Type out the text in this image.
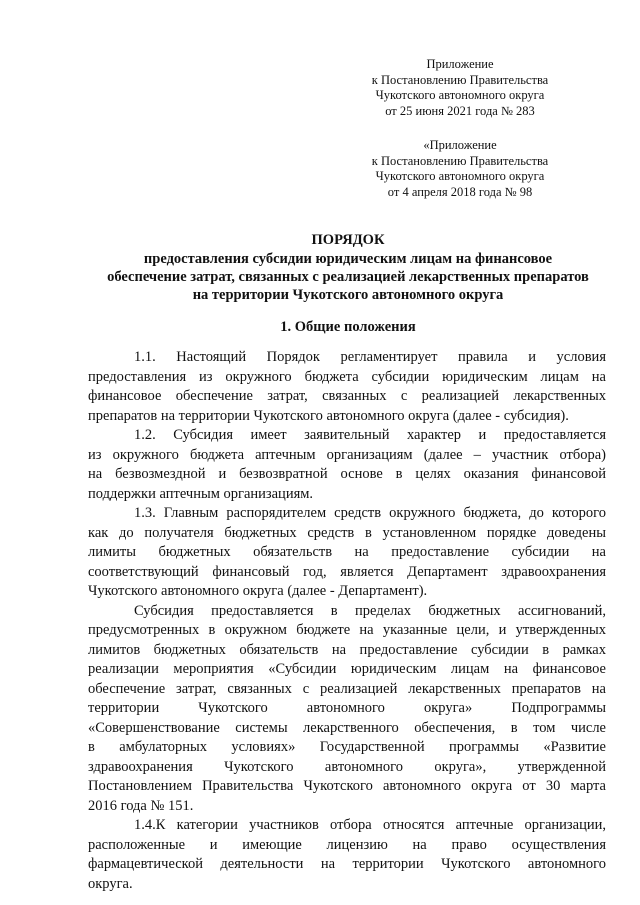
Приложение
к Постановлению Правительства
Чукотского автономного округа
от 25 июня 2021 года № 283
«Приложение
к Постановлению Правительства
Чукотского автономного округа
от 4 апреля 2018 года № 98
ПОРЯДОК
предоставления субсидии юридическим лицам на финансовое
обеспечение затрат, связанных с реализацией лекарственных препаратов
на территории Чукотского автономного округа
1. Общие положения
1.1. Настоящий Порядок регламентирует правила и условия
предоставления из окружного бюджета субсидии юридическим лицам на
финансовое обеспечение затрат, связанных с реализацией лекарственных
препаратов на территории Чукотского автономного округа (далее - субсидия).
1.2. Субсидия имеет заявительный характер и предоставляется
из окружного бюджета аптечным организациям (далее – участник отбора)
на безвозмездной и безвозвратной основе в целях оказания финансовой
поддержки аптечным организациям.
1.3. Главным распорядителем средств окружного бюджета, до которого
как до получателя бюджетных средств в установленном порядке доведены
лимиты бюджетных обязательств на предоставление субсидии на
соответствующий финансовый год, является Департамент здравоохранения
Чукотского автономного округа (далее - Департамент).
Субсидия предоставляется в пределах бюджетных ассигнований,
предусмотренных в окружном бюджете на указанные цели, и утвержденных
лимитов бюджетных обязательств на предоставление субсидии в рамках
реализации мероприятия «Субсидии юридическим лицам на финансовое
обеспечение затрат, связанных с реализацией лекарственных препаратов на
территории Чукотского автономного округа» Подпрограммы
«Совершенствование системы лекарственного обеспечения, в том числе
в амбулаторных условиях» Государственной программы «Развитие
здравоохранения Чукотского автономного округа», утвержденной
Постановлением Правительства Чукотского автономного округа от 30 марта
2016 года № 151.
1.4.К категории участников отбора относятся аптечные организации,
расположенные и имеющие лицензию на право осуществления
фармацевтической деятельности на территории Чукотского автономного
округа.
